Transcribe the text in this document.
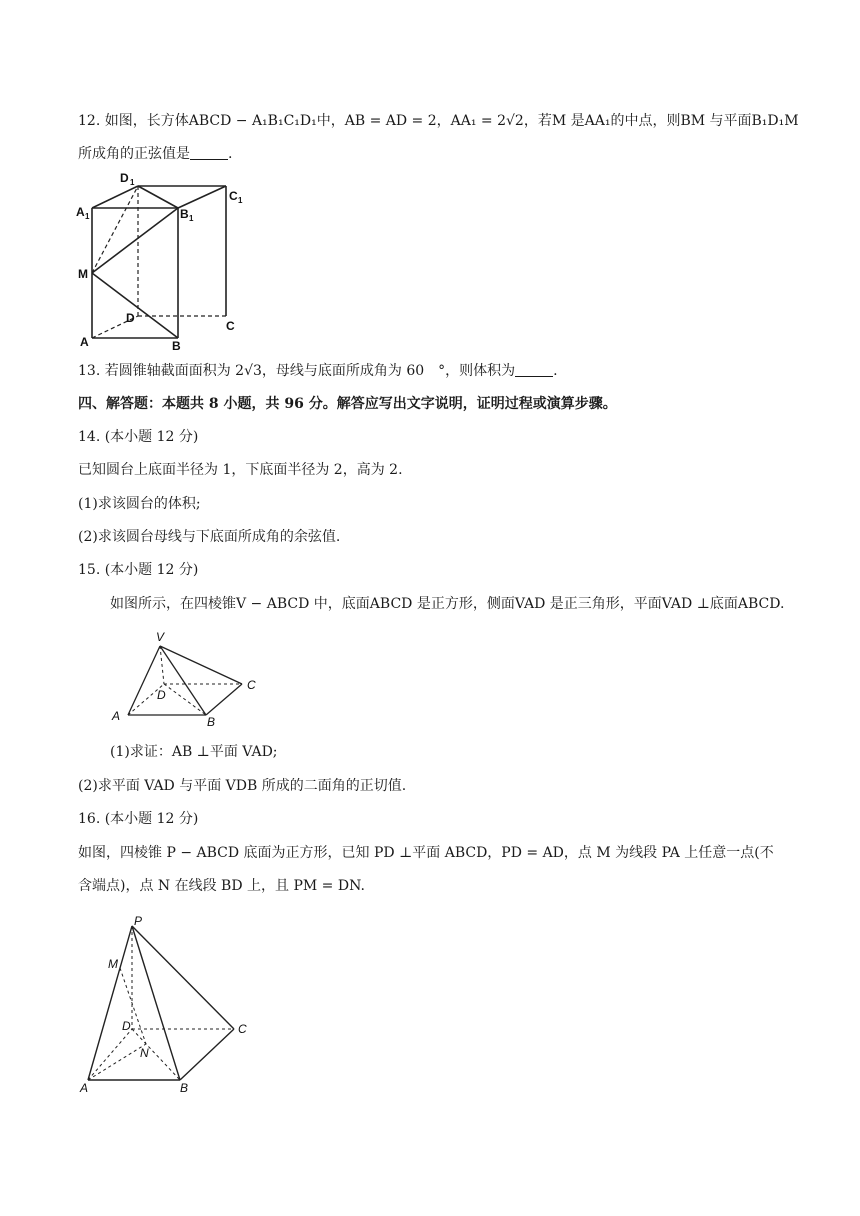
12. 如图，长方体ABCD − A₁B₁C₁D₁中，AB = AD = 2，AA₁ = 2√2，若M 是AA₁的中点，则BM 与平面B₁D₁M
所成角的正弦值是	.
D 1
C 1
A 1	B 1
M
D
C
A	B
13. 若圆锥轴截面面积为 2√3，母线与底面所成角为 60　°，则体积为	.
四、解答题：本题共 8 小题，共 96 分。解答应写出文字说明，证明过程或演算步骤。
14. (本小题 12 分)
已知圆台上底面半径为 1，下底面半径为 2，高为 2.
(1)求该圆台的体积;
(2)求该圆台母线与下底面所成角的余弦值.
15. (本小题 12 分)
如图所示，在四棱锥V − ABCD 中，底面ABCD 是正方形，侧面VAD 是正三角形，平面VAD ⊥底面ABCD.
V
C
D
A	B
(1)求证：AB ⊥平面 VAD;
(2)求平面 VAD 与平面 VDB 所成的二面角的正切值.
16. (本小题 12 分)
如图，四棱锥 P − ABCD 底面为正方形，已知 PD ⊥平面 ABCD，PD = AD，点 M 为线段 PA 上任意一点(不
含端点)，点 N 在线段 BD 上，且 PM = DN.
P
M
D	C
N
A	B
